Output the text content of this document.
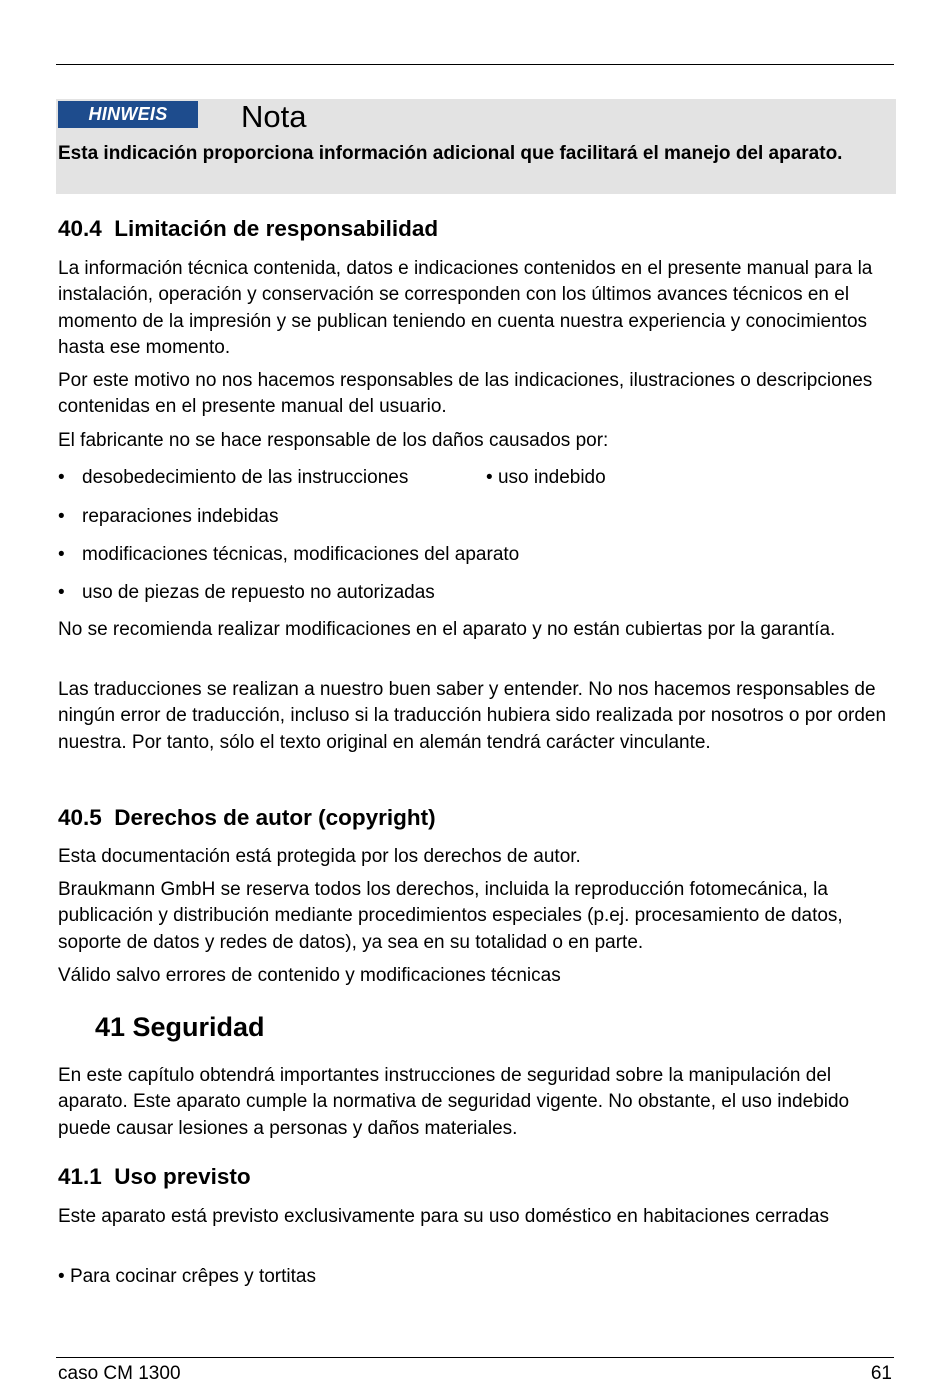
HINWEIS	Nota
Esta indicación proporciona información adicional que facilitará el manejo del aparato.
40.4  Limitación de responsabilidad
La información técnica contenida, datos e indicaciones contenidos en el presente manual para la instalación, operación y conservación se corresponden con los últimos avances técnicos en el momento de la impresión y se publican teniendo en cuenta nuestra experiencia y conocimientos hasta ese momento.
Por este motivo no nos hacemos responsables de las indicaciones, ilustraciones o descripciones contenidas en el presente manual del usuario.
El fabricante no se hace responsable de los daños causados por:
• desobedecimiento de las instrucciones	• uso indebido
• reparaciones indebidas
• modificaciones técnicas, modificaciones del aparato
• uso de piezas de repuesto no autorizadas
No se recomienda realizar modificaciones en el aparato y no están cubiertas por la garantía.
Las traducciones se realizan a nuestro buen saber y entender. No nos hacemos responsables de ningún error de traducción, incluso si la traducción hubiera sido realizada por nosotros o por orden nuestra. Por tanto, sólo el texto original en alemán tendrá carácter vinculante.
40.5  Derechos de autor (copyright)
Esta documentación está protegida por los derechos de autor.
Braukmann GmbH se reserva todos los derechos, incluida la reproducción fotomecánica, la publicación y distribución mediante procedimientos especiales (p.ej. procesamiento de datos, soporte de datos y redes de datos), ya sea en su totalidad o en parte.
Válido salvo errores de contenido y modificaciones técnicas
41 Seguridad
En este capítulo obtendrá importantes instrucciones de seguridad sobre la manipulación del aparato. Este aparato cumple la normativa de seguridad vigente. No obstante, el uso indebido puede causar lesiones a personas y daños materiales.
41.1  Uso previsto
Este aparato está previsto exclusivamente para su uso doméstico en habitaciones cerradas
• Para cocinar crêpes y tortitas
caso CM 1300	61
